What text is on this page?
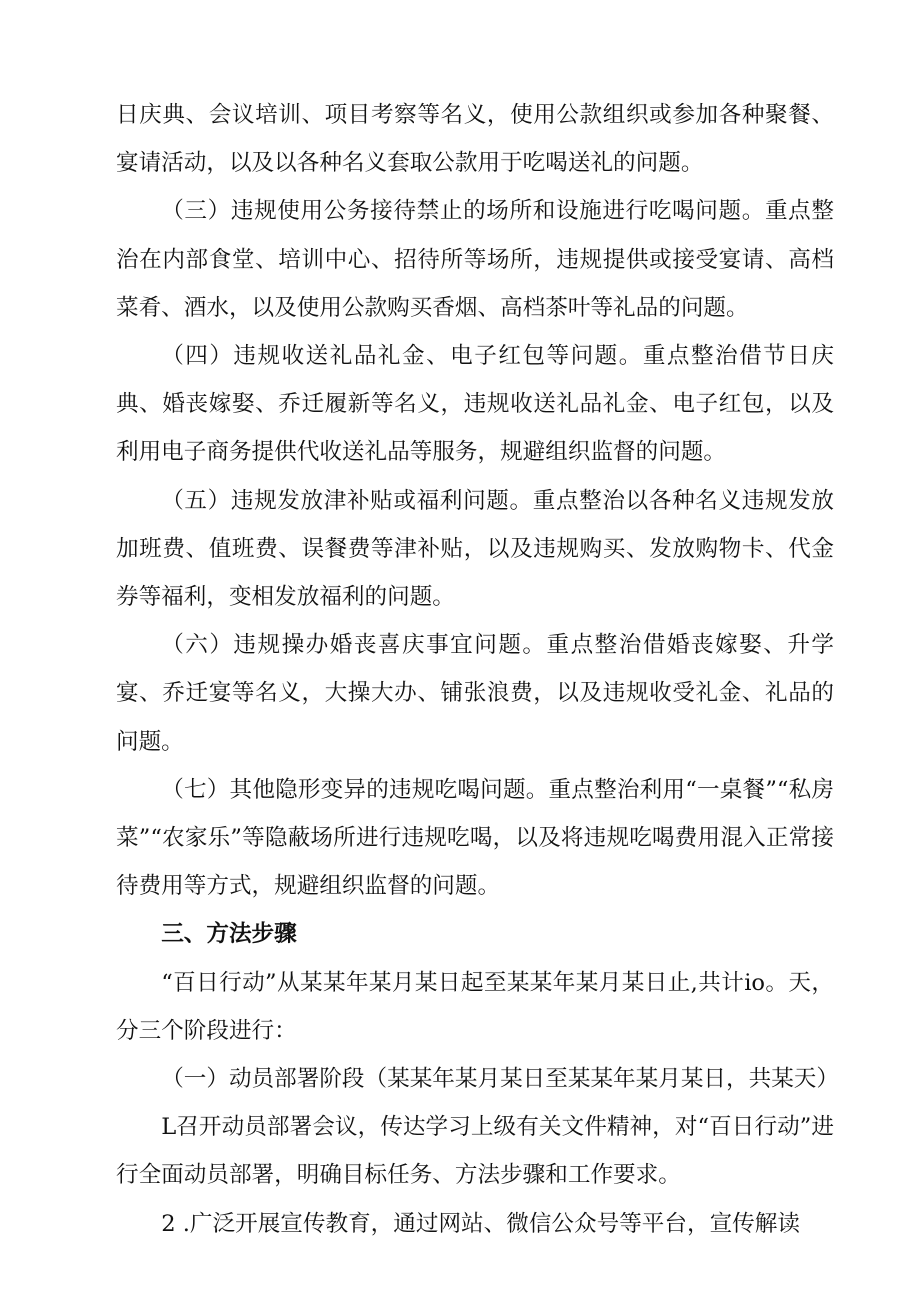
日庆典、会议培训、项目考察等名义，使用公款组织或参加各种聚餐、宴请活动，以及以各种名义套取公款用于吃喝送礼的问题。

（三）违规使用公务接待禁止的场所和设施进行吃喝问题。重点整治在内部食堂、培训中心、招待所等场所，违规提供或接受宴请、高档菜肴、酒水，以及使用公款购买香烟、高档茶叶等礼品的问题。

（四）违规收送礼品礼金、电子红包等问题。重点整治借节日庆典、婚丧嫁娶、乔迁履新等名义，违规收送礼品礼金、电子红包，以及利用电子商务提供代收送礼品等服务，规避组织监督的问题。

（五）违规发放津补贴或福利问题。重点整治以各种名义违规发放加班费、值班费、误餐费等津补贴，以及违规购买、发放购物卡、代金券等福利，变相发放福利的问题。

（六）违规操办婚丧喜庆事宜问题。重点整治借婚丧嫁娶、升学宴、乔迁宴等名义，大操大办、铺张浪费，以及违规收受礼金、礼品的问题。

（七）其他隐形变异的违规吃喝问题。重点整治利用“一桌餐”“私房菜”“农家乐”等隐蔽场所进行违规吃喝，以及将违规吃喝费用混入正常接待费用等方式，规避组织监督的问题。

三、方法步骤

“百日行动”从某某年某月某日起至某某年某月某日止,共计io。天，分三个阶段进行：

（一）动员部署阶段（某某年某月某日至某某年某月某日，共某天）

L召开动员部署会议，传达学习上级有关文件精神，对“百日行动”进行全面动员部署，明确目标任务、方法步骤和工作要求。

2 .广泛开展宣传教育，通过网站、微信公众号等平台，宣传解读
